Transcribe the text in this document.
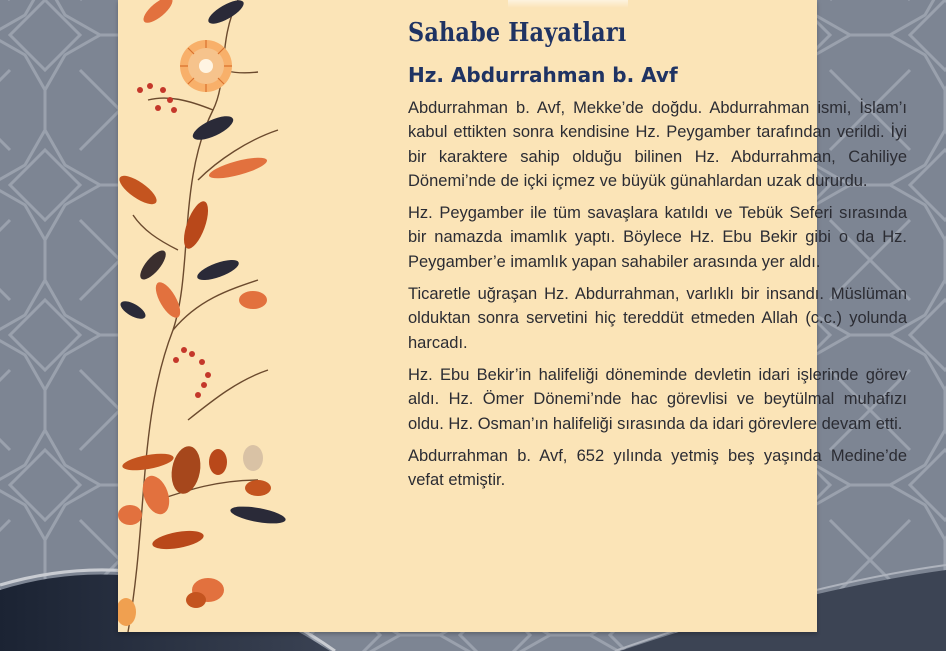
Sahabe Hayatları
Hz. Abdurrahman b. Avf

Abdurrahman b. Avf, Mekke’de doğdu. Abdurrahman ismi, İslam’ı kabul ettikten sonra kendisine Hz. Peygamber tarafından verildi. İyi bir karaktere sahip olduğu bilinen Hz. Abdurrahman, Cahiliye Dönemi’nde de içki içmez ve büyük günahlardan uzak dururdu.

Hz. Peygamber ile tüm savaşlara katıldı ve Tebük Seferi sırasında bir namazda imamlık yaptı. Böylece Hz. Ebu Bekir gibi o da Hz. Peygamber’e imamlık yapan sahabiler arasında yer aldı.

Ticaretle uğraşan Hz. Abdurrahman, varlıklı bir insandı. Müslüman olduktan sonra servetini hiç tereddüt etmeden Allah (c.c.) yolunda harcadı.

Hz. Ebu Bekir’in halifeliği döneminde devletin idari işlerinde görev aldı. Hz. Ömer Dönemi’nde hac görevlisi ve beytülmal muhafızı oldu. Hz. Osman’ın halifeliği sırasında da idari görevlere devam etti.

Abdurrahman b. Avf, 652 yılında yetmiş beş yaşında Medine’de vefat etmiştir.
